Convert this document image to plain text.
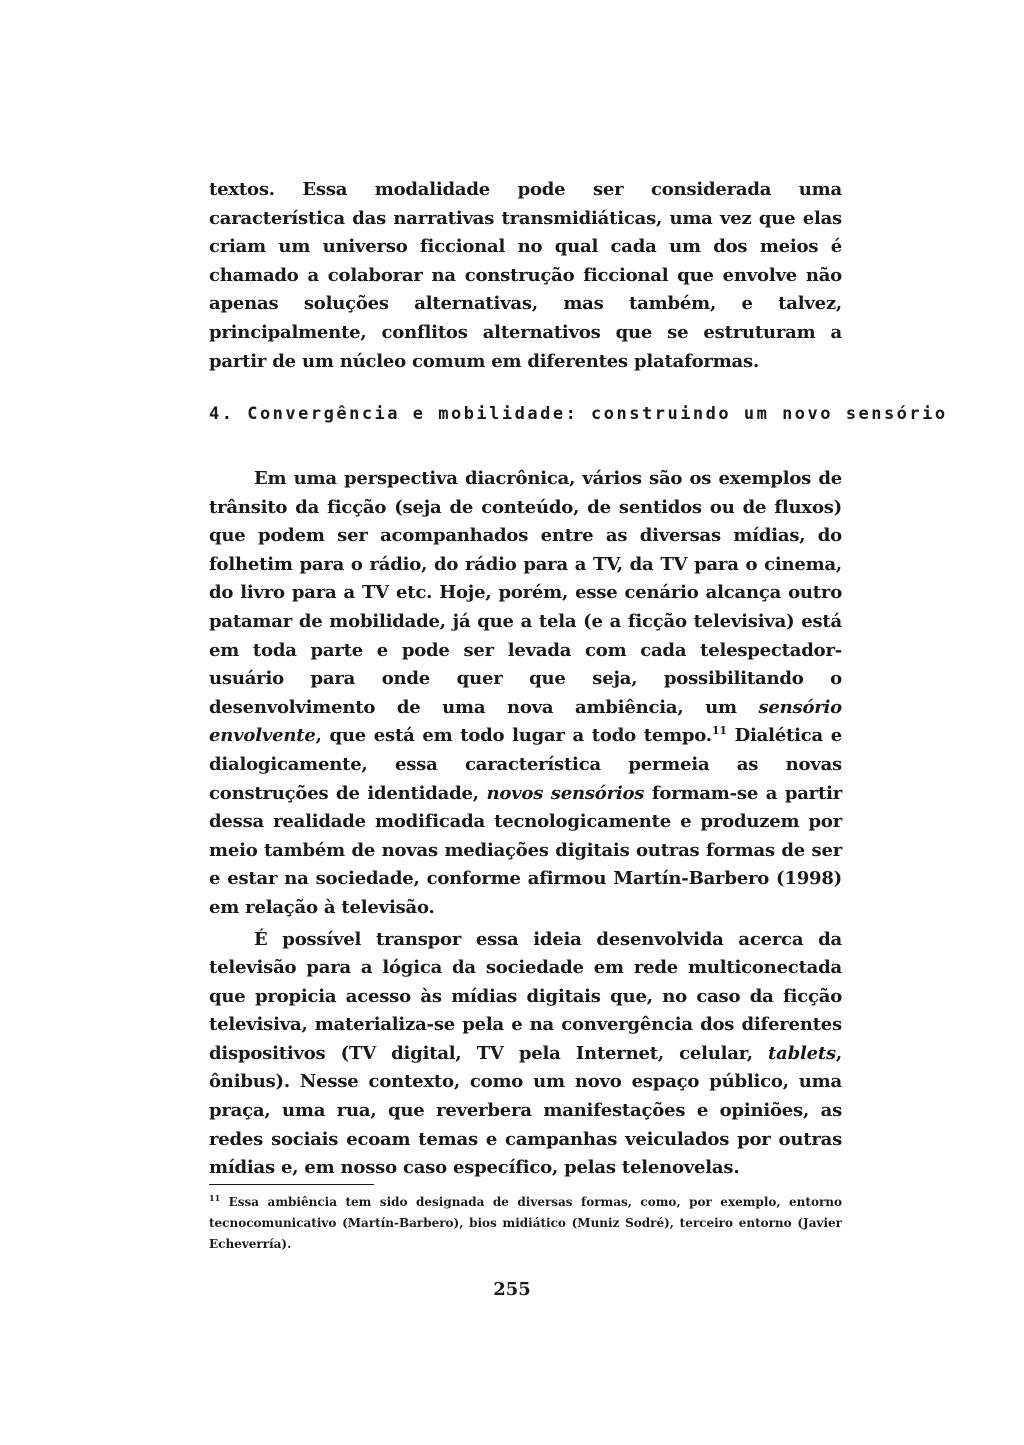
textos. Essa modalidade pode ser considerada uma característica das narrativas transmidiáticas, uma vez que elas criam um universo ficcional no qual cada um dos meios é chamado a colaborar na construção ficcional que envolve não apenas soluções alternativas, mas também, e talvez, principalmente, conflitos alternativos que se estruturam a partir de um núcleo comum em diferentes plataformas.
4. Convergência e mobilidade: construindo um novo sensório

Em uma perspectiva diacrônica, vários são os exemplos de trânsito da ficção (seja de conteúdo, de sentidos ou de fluxos) que podem ser acompanhados entre as diversas mídias, do folhetim para o rádio, do rádio para a TV, da TV para o cinema, do livro para a TV etc. Hoje, porém, esse cenário alcança outro patamar de mobilidade, já que a tela (e a ficção televisiva) está em toda parte e pode ser levada com cada telespectador-usuário para onde quer que seja, possibilitando o desenvolvimento de uma nova ambiência, um sensório envolvente, que está em todo lugar a todo tempo.$^{11}$ Dialética e dialogicamente, essa característica permeia as novas construções de identidade, novos sensórios formam-se a partir dessa realidade modificada tecnologicamente e produzem por meio também de novas mediações digitais outras formas de ser e estar na sociedade, conforme afirmou Martín-Barbero (1998) em relação à televisão.

É possível transpor essa ideia desenvolvida acerca da televisão para a lógica da sociedade em rede multiconectada que propicia acesso às mídias digitais que, no caso da ficção televisiva, materializa-se pela e na convergência dos diferentes dispositivos (TV digital, TV pela Internet, celular, tablets, ônibus). Nesse contexto, como um novo espaço público, uma praça, uma rua, que reverbera manifestações e opiniões, as redes sociais ecoam temas e campanhas veiculados por outras mídias e, em nosso caso específico, pelas telenovelas.

$^{11}$ Essa ambiência tem sido designada de diversas formas, como, por exemplo, entorno tecnocomunicativo (Martín-Barbero), bios midiático (Muniz Sodré), terceiro entorno (Javier Echeverría).
255
